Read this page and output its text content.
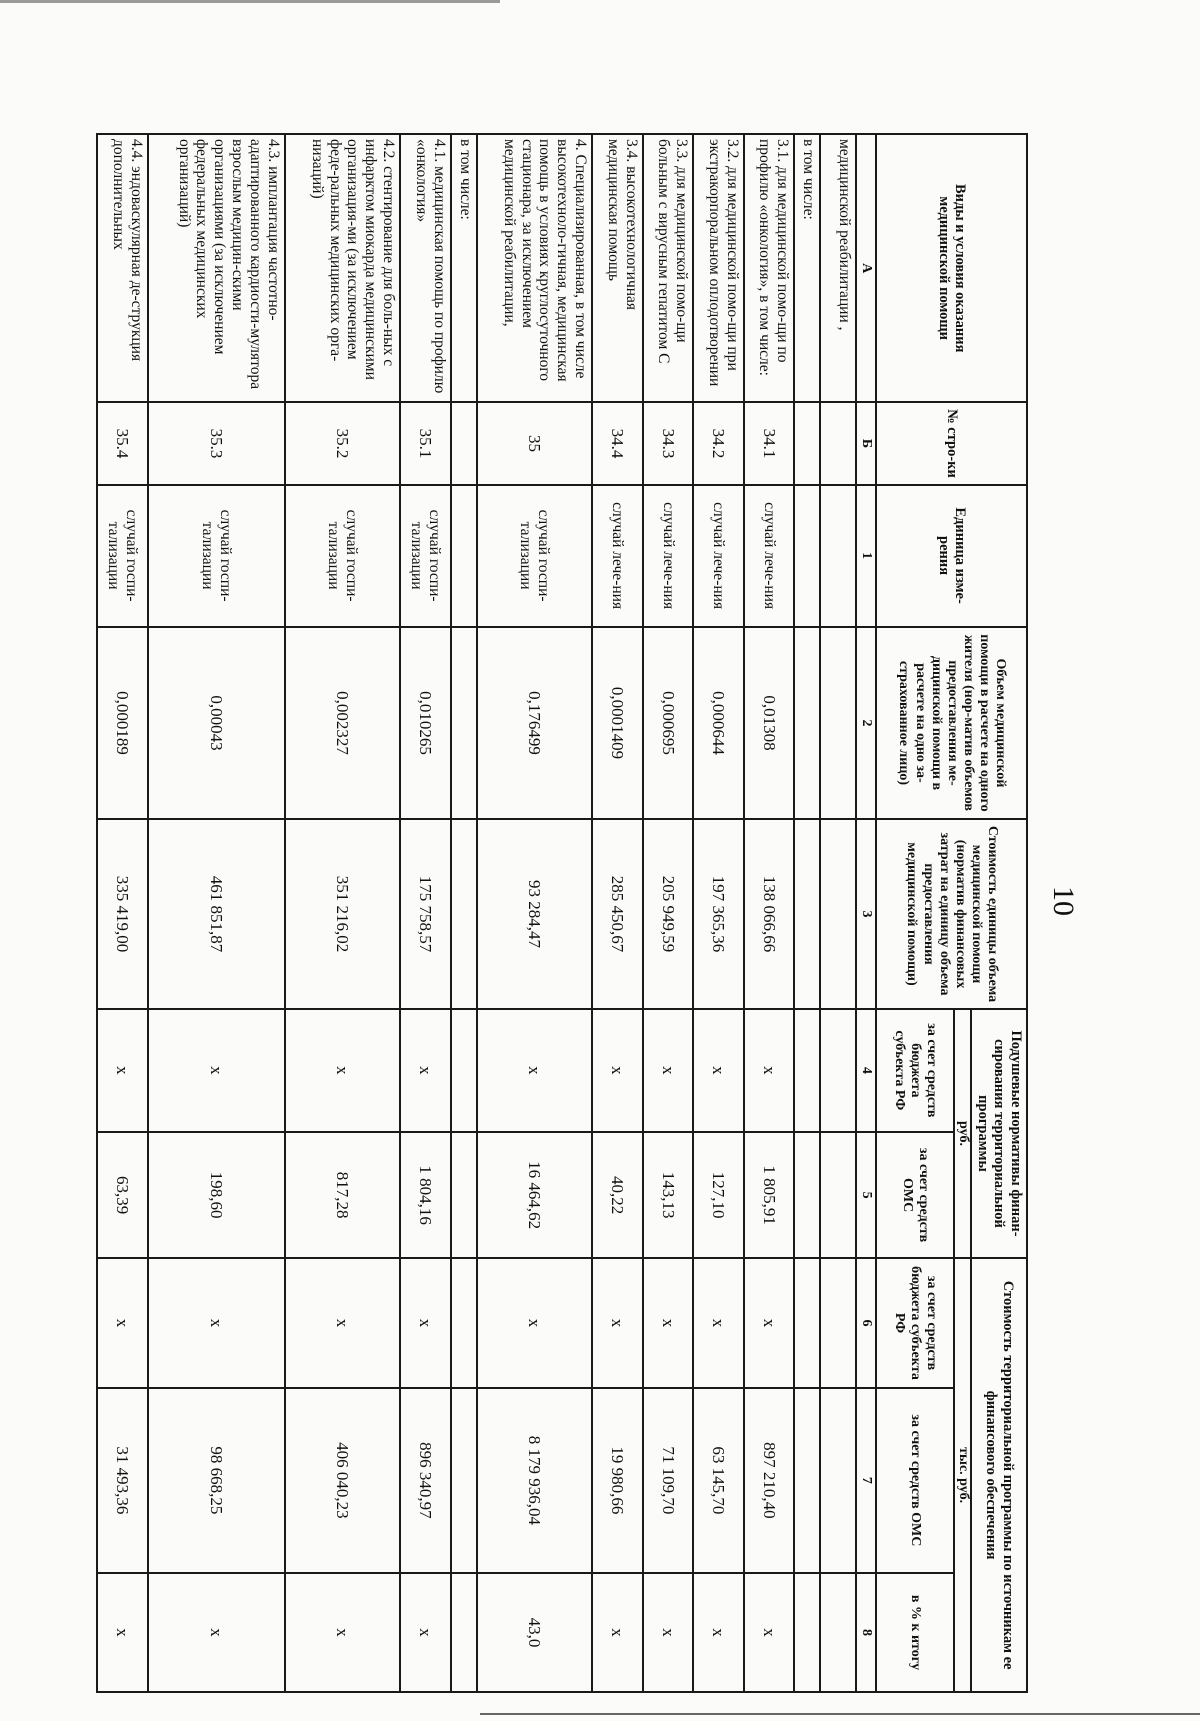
10
Виды и условия оказания медицинской помощи	№ стро-ки	Единица изме-рения	Объем медицинской помощи в расчете на одного жителя (нор-матив объемов предоставления ме-дицинской помощи в расчете на одно за-страхованное лицо)	Стоимость единицы объема медицинской помощи (норматив финансовых затрат на единицу объема предоставления медицинской помощи)	Подушевые нормативы финан-сирования территориальной программы		Стоимость территориальной программы по источникам ее финансового обеспечения		
					руб.		тыс. руб.		
					за счет средств бюджета субъекта РФ	за счет средств ОМС	за счет средств бюджета субъекта РФ	за счет средств ОМС	в % к итогу
А	Б	1	2	3	4	5	6	7	8
медицинской реабилитации ,									
в том числе:									
3.1. для медицинской помо-щи по профилю «онкология», в том числе:	34.1	случай лече-ния	0,01308	138 066,66	х	1 805,91	х	897 210,40	х
3.2. для медицинской помо-щи при экстракорпоральном оплодотворении	34.2	случай лече-ния	0,000644	197 365,36	х	127,10	х	63 145,70	х
3.3. для медицинской помо-щи больным с вирусным гепатитом С	34.3	случай лече-ния	0,000695	205 949,59	х	143,13	х	71 109,70	х
3.4. высокотехнологичная медицинская помощь	34.4	случай лече-ния	0,0001409	285 450,67	х	40,22	х	19 980,66	х
4. Специализированная, в том числе высокотехноло-гичная, медицинская помощь в условиях круглосуточного стационара, за исключением медицинской реабилитации,	35	случай госпи-тализации	0,176499	93 284,47	х	16 464,62	х	8 179 936,04	43,0
в том числе:									
4.1. медицинская помощь по профилю «онкология»	35.1	случай госпи-тализации	0,010265	175 758,57	х	1 804,16	х	896 340,97	х
4.2. стентирование для боль-ных с инфарктом миокарда медицинскими организация-ми (за исключением феде-ральных медицинских орга-низаций)	35.2	случай госпи-тализации	0,002327	351 216,02	х	817,28	х	406 040,23	х
4.3. имплантация частотно-адаптированного кардиости-мулятора взрослым медицин-скими организациями (за исключением федеральных медицинских организаций)	35.3	случай госпи-тализации	0,00043	461 851,87	х	198,60	х	98 668,25	х
4.4. эндоваскулярная де-струкция дополнительных	35.4	случай госпи-тализации	0,000189	335 419,00	х	63,39	х	31 493,36	х
